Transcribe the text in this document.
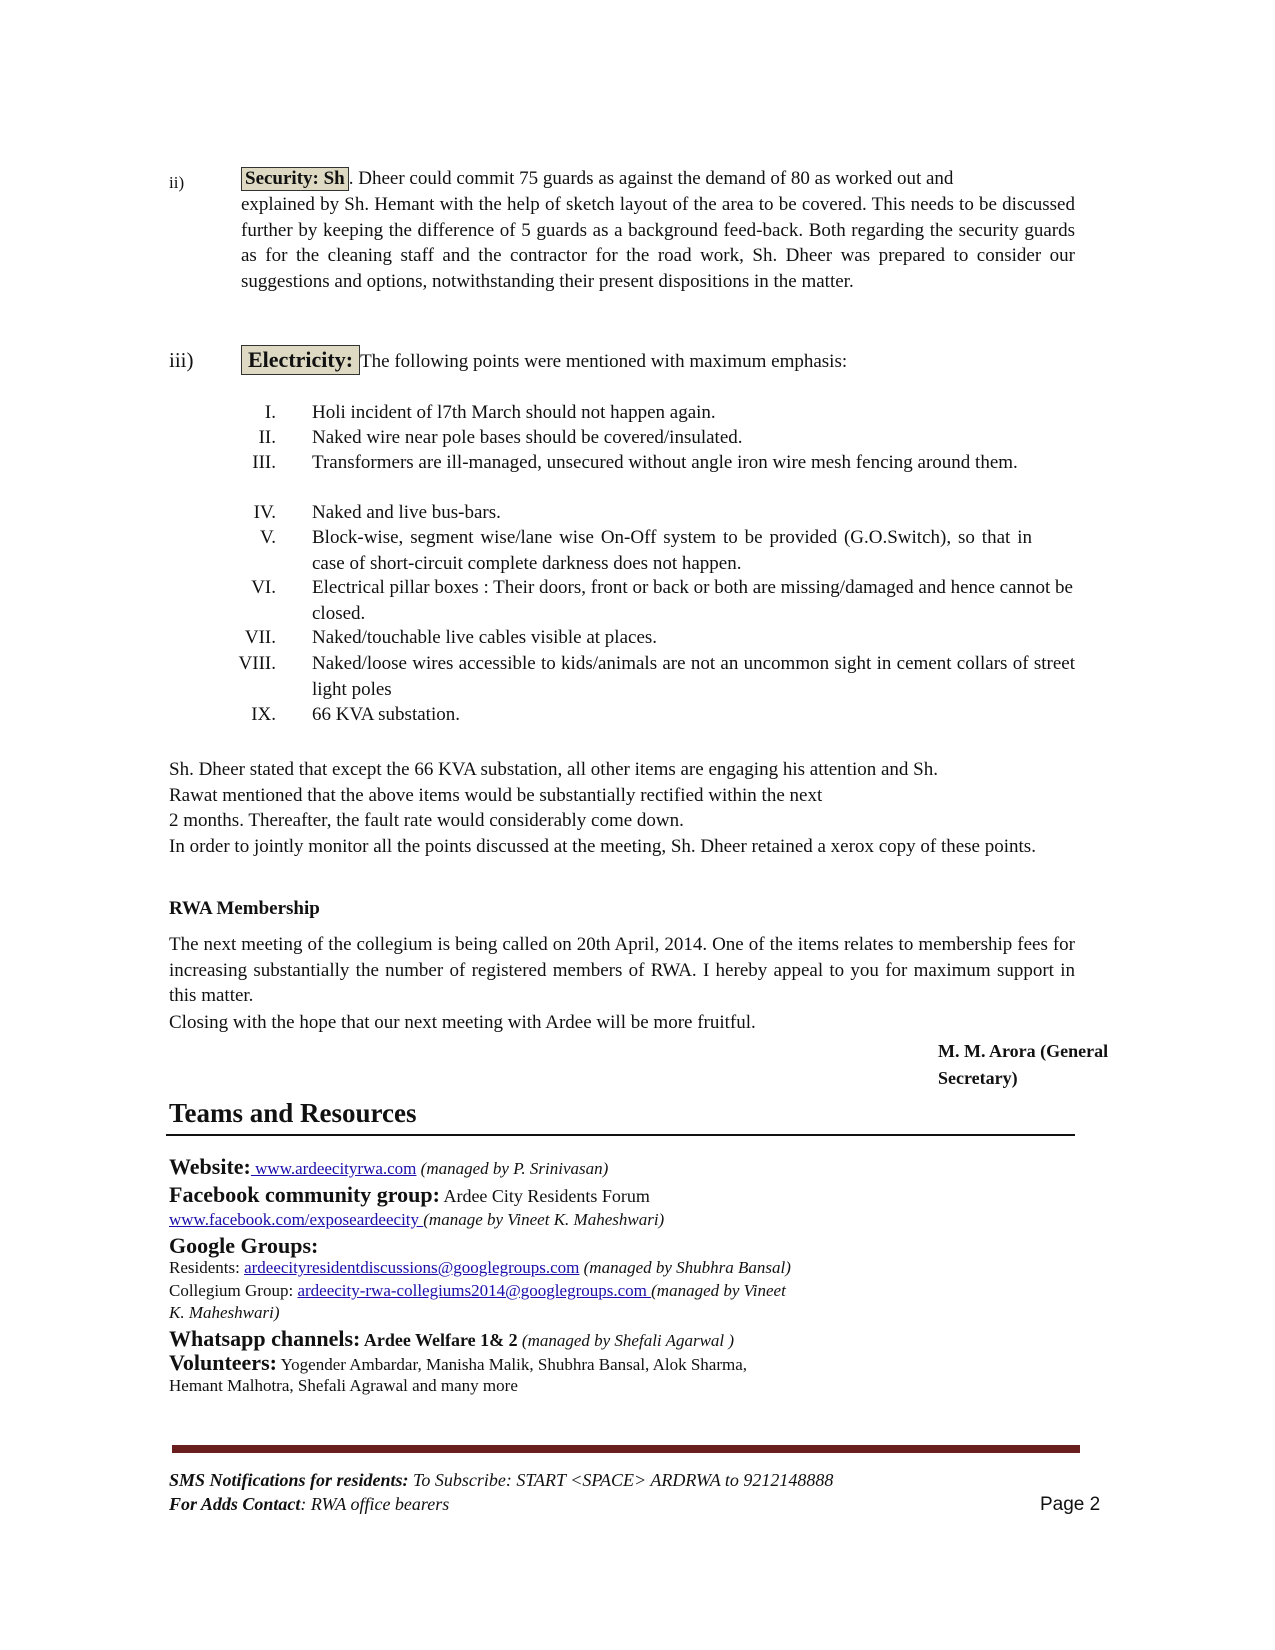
ii)	Security: Sh . Dheer could commit 75 guards as against the demand of 80 as worked out and
explained by Sh. Hemant with the help of sketch layout of the area to be covered. This needs to be discussed further by keeping the difference of 5 guards as a background feed-back. Both regarding the security guards as for the cleaning staff and the contractor for the road work, Sh. Dheer was prepared to consider our suggestions and options, notwithstanding their present dispositions in the matter.
iii)	Electricity: The following points were mentioned with maximum emphasis:
I. Holi incident of l7th March should not happen again.
II. Naked wire near pole bases should be covered/insulated.
III. Transformers are ill-managed, unsecured without angle iron wire mesh fencing around them.
IV. Naked and live bus-bars.
V. Block-wise, segment wise/lane wise On-Off system to be provided (G.O.Switch), so that in case of short-circuit complete darkness does not happen.
VI. Electrical pillar boxes : Their doors, front or back or both are missing/damaged and hence cannot be closed.
VII. Naked/touchable live cables visible at places.
VIII. Naked/loose wires accessible to kids/animals are not an uncommon sight in cement collars of street light poles
IX. 66 KVA substation.
Sh. Dheer stated that except the 66 KVA substation, all other items are engaging his attention and Sh.
Rawat mentioned that the above items would be substantially rectified within the next
2 months. Thereafter, the fault rate would considerably come down.
In order to jointly monitor all the points discussed at the meeting, Sh. Dheer retained a xerox copy of these points.
RWA Membership
The next meeting of the collegium is being called on 20th April, 2014. One of the items relates to membership fees for increasing substantially the number of registered members of RWA. I hereby appeal to you for maximum support in this matter.
Closing with the hope that our next meeting with Ardee will be more fruitful.
M. M. Arora (General
Secretary)
Teams and Resources
Website: www.ardeecityrwa.com (managed by P. Srinivasan)
Facebook community group: Ardee City Residents Forum
www.facebook.com/exposeardeecity (manage by Vineet K. Maheshwari)
Google Groups:
Residents: ardeecityresidentdiscussions@googlegroups.com (managed by Shubhra Bansal)
Collegium Group: ardeecity-rwa-collegiums2014@googlegroups.com (managed by Vineet
K. Maheshwari)
Whatsapp channels: Ardee Welfare 1& 2 (managed by Shefali Agarwal )
Volunteers: Yogender Ambardar, Manisha Malik, Shubhra Bansal, Alok Sharma,
Hemant Malhotra, Shefali Agrawal and many more
SMS Notifications for residents: To Subscribe: START <SPACE> ARDRWA to 9212148888
For Adds Contact: RWA office bearers	Page 2
